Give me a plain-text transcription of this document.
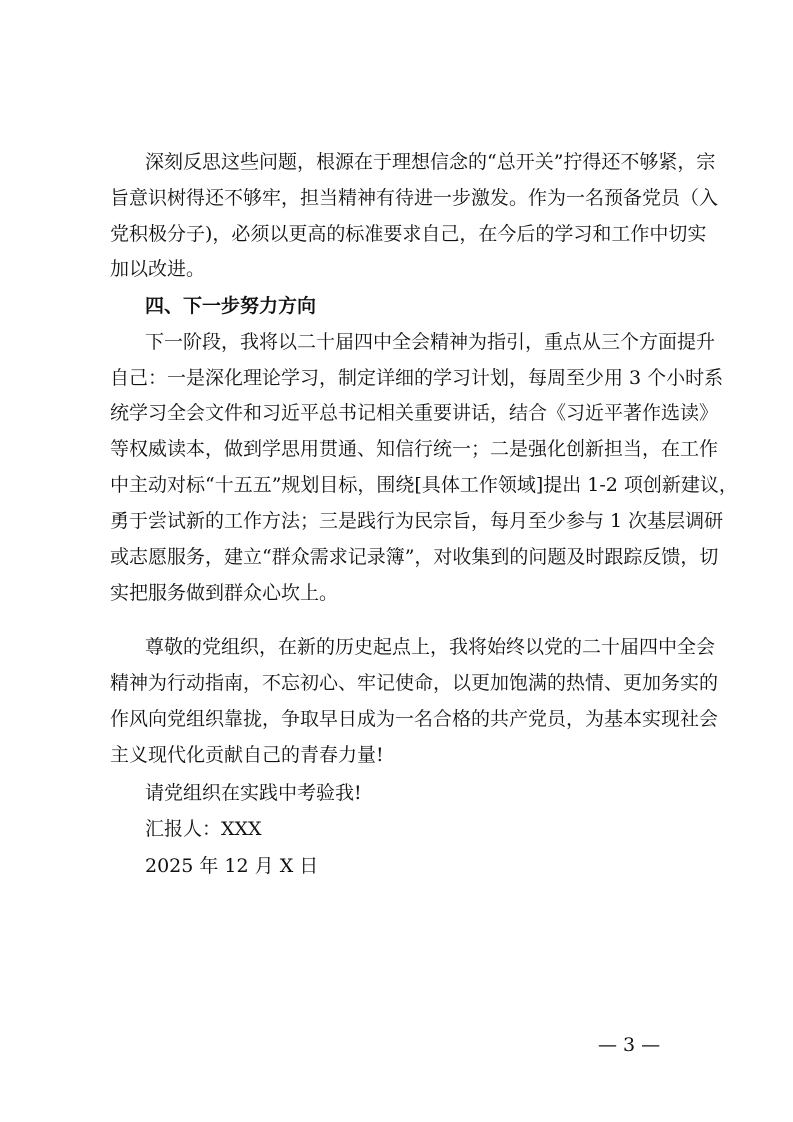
深刻反思这些问题，根源在于理想信念的“总开关”拧得还不够紧，宗
旨意识树得还不够牢，担当精神有待进一步激发。作为一名预备党员（入
党积极分子)，必须以更高的标准要求自己，在今后的学习和工作中切实
加以改进。
四、下一步努力方向
下一阶段，我将以二十届四中全会精神为指引，重点从三个方面提升
自己：一是深化理论学习，制定详细的学习计划，每周至少用 3 个小时系
统学习全会文件和习近平总书记相关重要讲话，结合《习近平著作选读》
等权威读本，做到学思用贯通、知信行统一；二是强化创新担当，在工作
中主动对标“十五五”规划目标，围绕[具体工作领域]提出 1-2 项创新建议，
勇于尝试新的工作方法；三是践行为民宗旨，每月至少参与 1 次基层调研
或志愿服务，建立“群众需求记录簿”，对收集到的问题及时跟踪反馈，切
实把服务做到群众心坎上。
尊敬的党组织，在新的历史起点上，我将始终以党的二十届四中全会
精神为行动指南，不忘初心、牢记使命，以更加饱满的热情、更加务实的
作风向党组织靠拢，争取早日成为一名合格的共产党员，为基本实现社会
主义现代化贡献自己的青春力量!
请党组织在实践中考验我!
汇报人：XXX
2025 年 12 月 X 日
— 3 —
